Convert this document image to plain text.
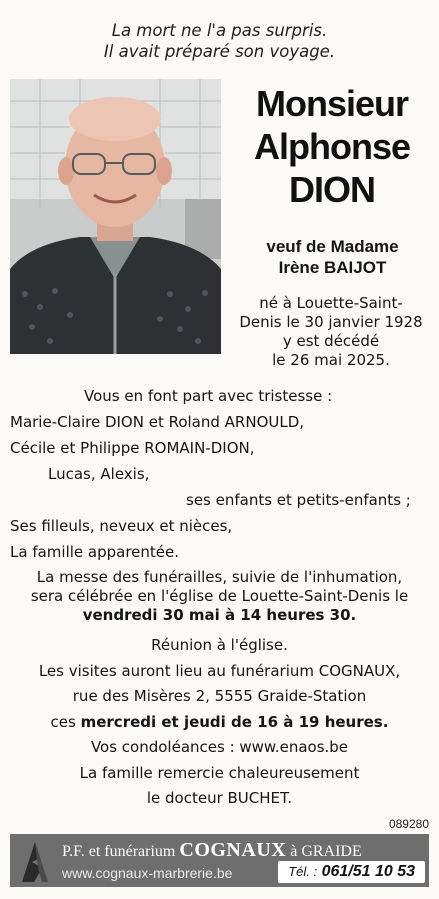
La mort ne l'a pas surpris.
Il avait préparé son voyage.
Monsieur
Alphonse
DION
veuf de Madame
Irène BAIJOT
né à Louette-Saint-
Denis le 30 janvier 1928
y est décédé
le 26 mai 2025.
Vous en font part avec tristesse :
Marie-Claire DION et Roland ARNOULD,
Cécile et Philippe ROMAIN-DION,
Lucas, Alexis,
ses enfants et petits-enfants ;
Ses filleuls, neveux et nièces,
La famille apparentée.
La messe des funérailles, suivie de l'inhumation,
sera célébrée en l'église de Louette-Saint-Denis le
vendredi 30 mai à 14 heures 30.
Réunion à l'église.
Les visites auront lieu au funérarium COGNAUX,
rue des Misères 2, 5555 Graide-Station
ces mercredi et jeudi de 16 à 19 heures.
Vos condoléances : www.enaos.be
La famille remercie chaleureusement
le docteur BUCHET.
089280
P.F. et funérarium COGNAUX à GRAIDE
www.cognaux-marbrerie.be	Tél. : 061/51 10 53
